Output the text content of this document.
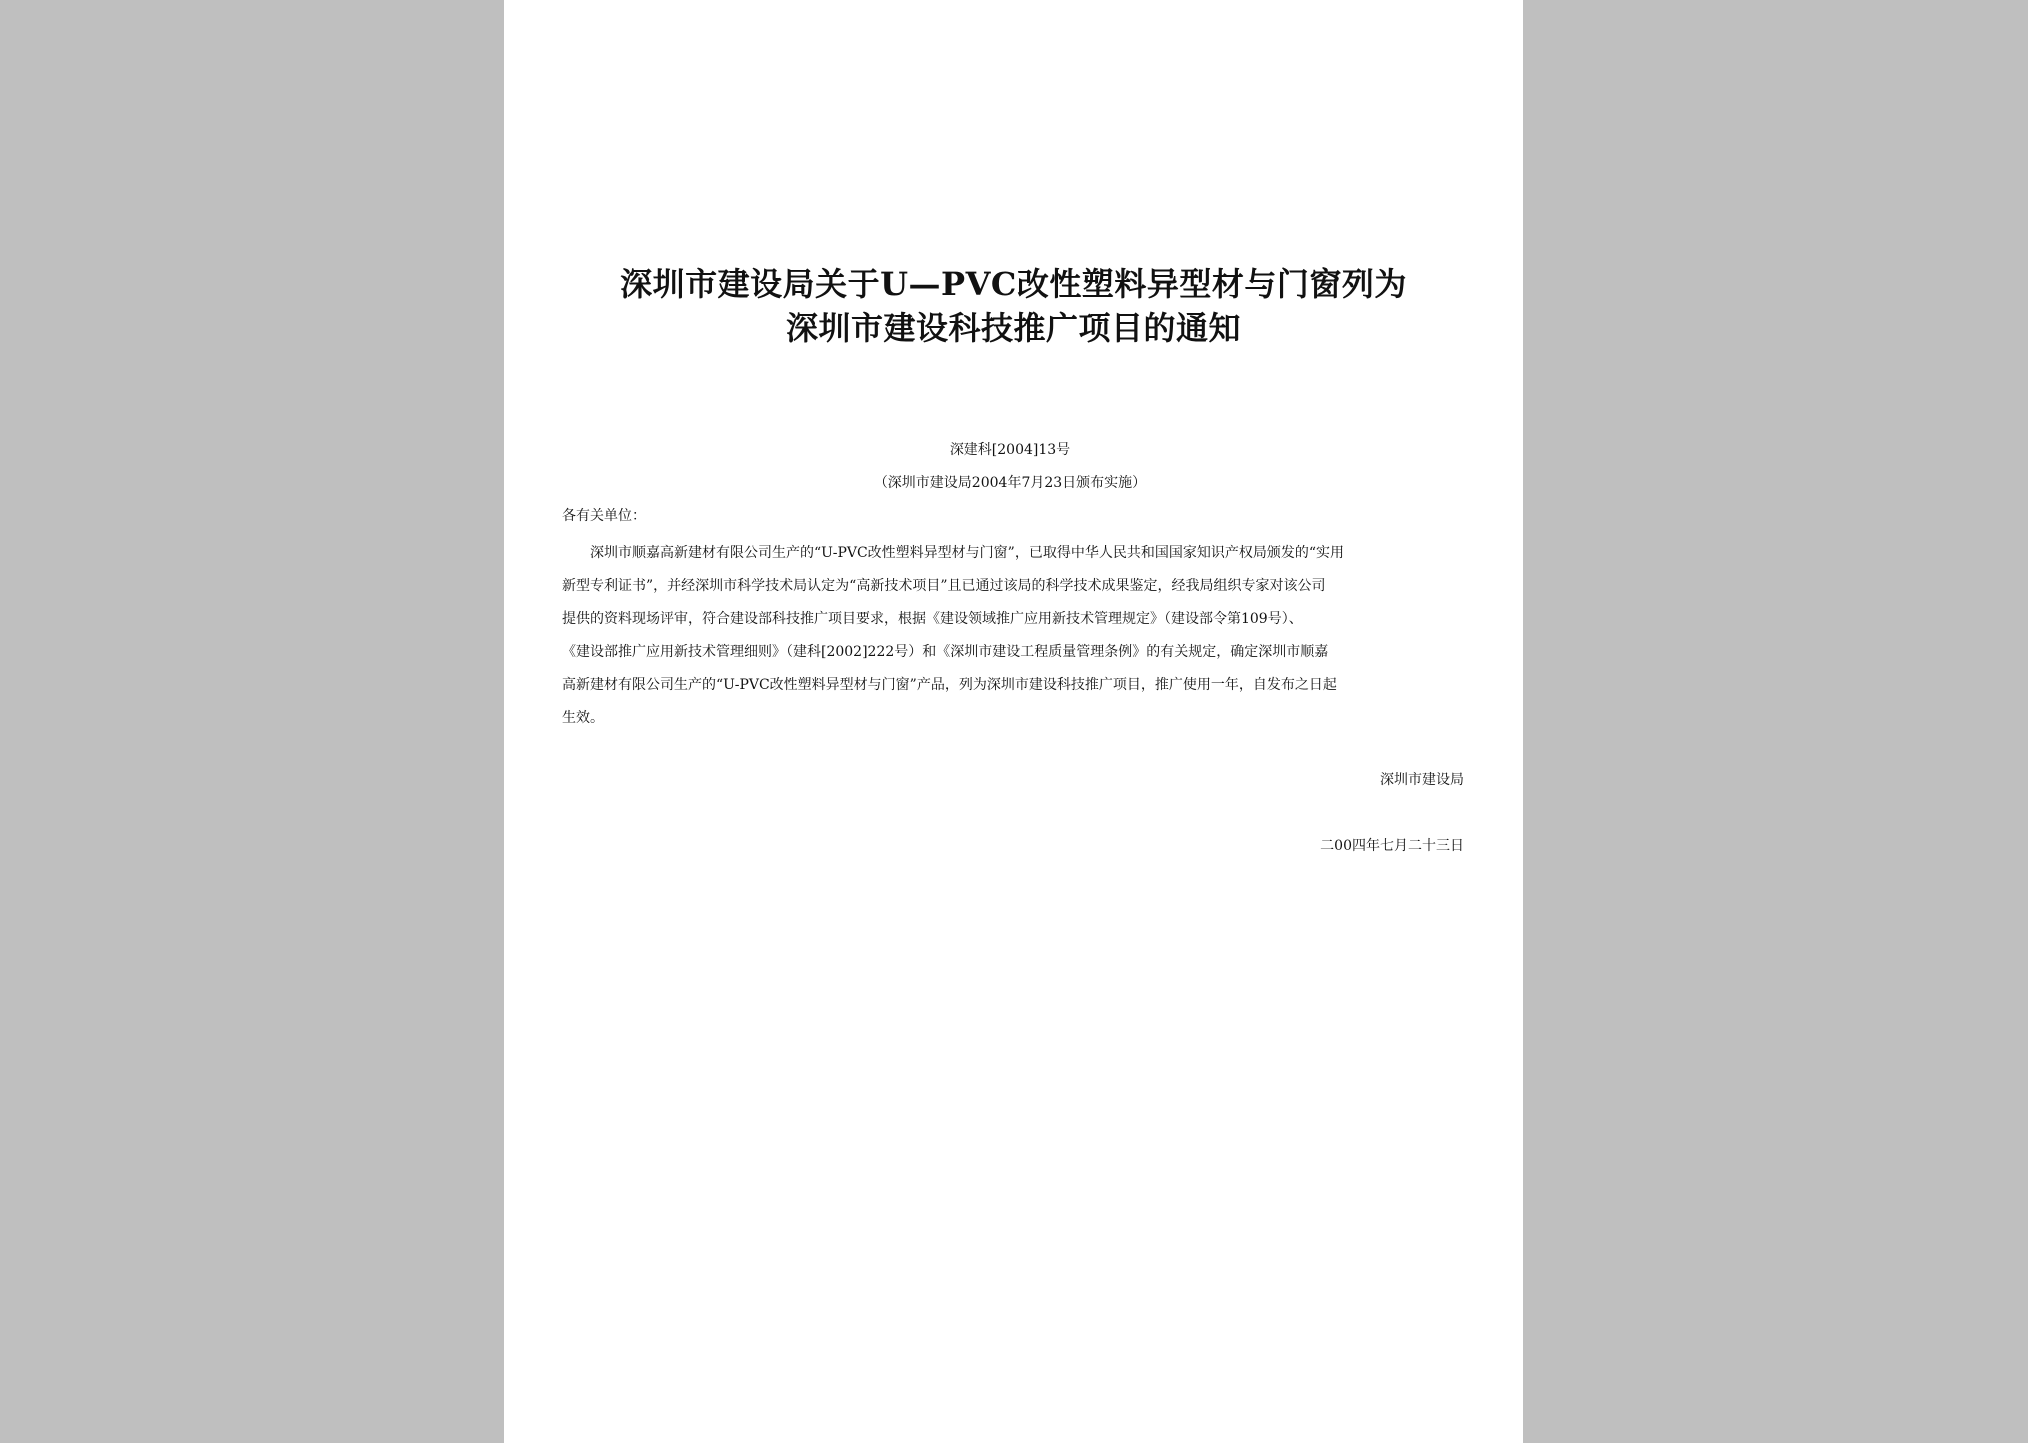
深圳市建设局关于U—PVC改性塑料异型材与门窗列为
深圳市建设科技推广项目的通知
深建科[2004]13号
（深圳市建设局2004年7月23日颁布实施）
各有关单位：
深圳市顺嘉高新建材有限公司生产的“U-PVC改性塑料异型材与门窗”，已取得中华人民共和国国家知识产权局颁发的“实用
新型专利证书”，并经深圳市科学技术局认定为“高新技术项目”且已通过该局的科学技术成果鉴定，经我局组织专家对该公司
提供的资料现场评审，符合建设部科技推广项目要求，根据《建设领域推广应用新技术管理规定》（建设部令第109号）、
《建设部推广应用新技术管理细则》（建科[2002]222号）和《深圳市建设工程质量管理条例》的有关规定，确定深圳市顺嘉
高新建材有限公司生产的“U-PVC改性塑料异型材与门窗”产品，列为深圳市建设科技推广项目，推广使用一年，自发布之日起
生效。
深圳市建设局
二00四年七月二十三日
